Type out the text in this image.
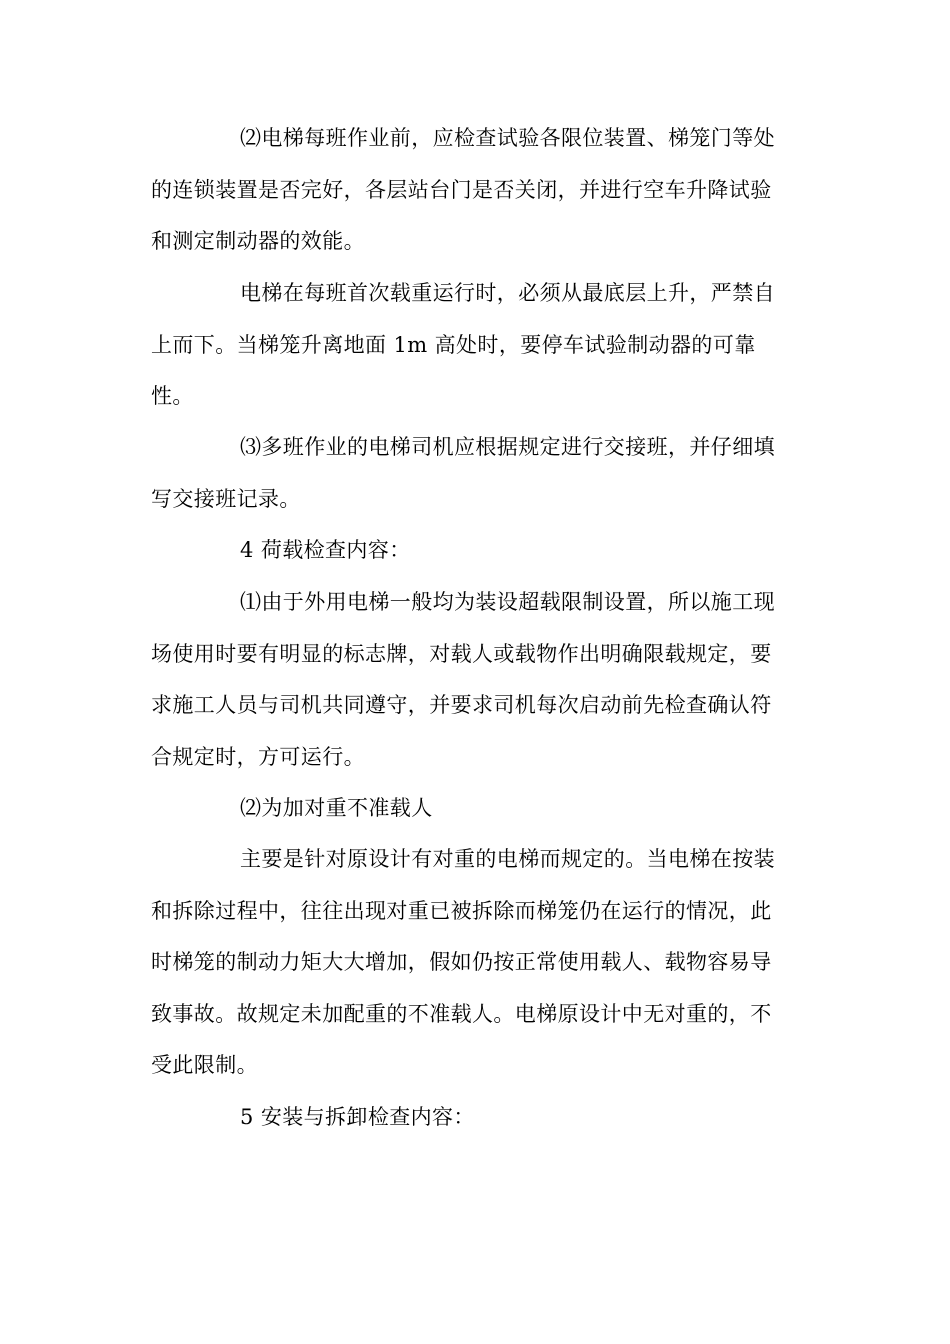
⑵电梯每班作业前，应检查试验各限位装置、梯笼门等处
的连锁装置是否完好，各层站台门是否关闭，并进行空车升降试验
和测定制动器的效能。
电梯在每班首次载重运行时，必须从最底层上升，严禁自
上而下。当梯笼升离地面 1m 高处时，要停车试验制动器的可靠
性。
⑶多班作业的电梯司机应根据规定进行交接班，并仔细填
写交接班记录。
4 荷载检查内容：
⑴由于外用电梯一般均为装设超载限制设置，所以施工现
场使用时要有明显的标志牌，对载人或载物作出明确限载规定，要
求施工人员与司机共同遵守，并要求司机每次启动前先检查确认符
合规定时，方可运行。
⑵为加对重不准载人
主要是针对原设计有对重的电梯而规定的。当电梯在按装
和拆除过程中，往往出现对重已被拆除而梯笼仍在运行的情况，此
时梯笼的制动力矩大大增加，假如仍按正常使用载人、载物容易导
致事故。故规定未加配重的不准载人。电梯原设计中无对重的，不
受此限制。
5 安装与拆卸检查内容：
